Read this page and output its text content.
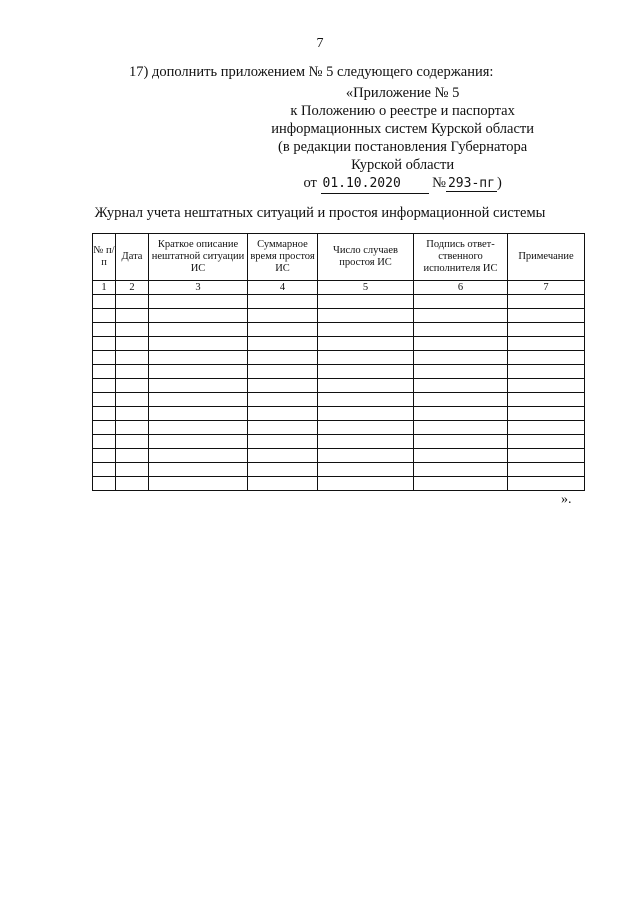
7
17) дополнить приложением № 5 следующего содержания:
«Приложение № 5
к Положению о реестре и паспортах
информационных систем Курской области
(в редакции постановления Губернатора
Курской области
от 01.10.2020 № 293-пг )
Журнал учета нештатных ситуаций и простоя информационной системы
№ п/п	Дата	Краткое описание нештатной ситуации ИС	Суммарное время простоя ИС	Число случаев простоя ИС	Подпись ответ-ственного исполнителя ИС	Примечание
1	2	3	4	5	6	7

».
